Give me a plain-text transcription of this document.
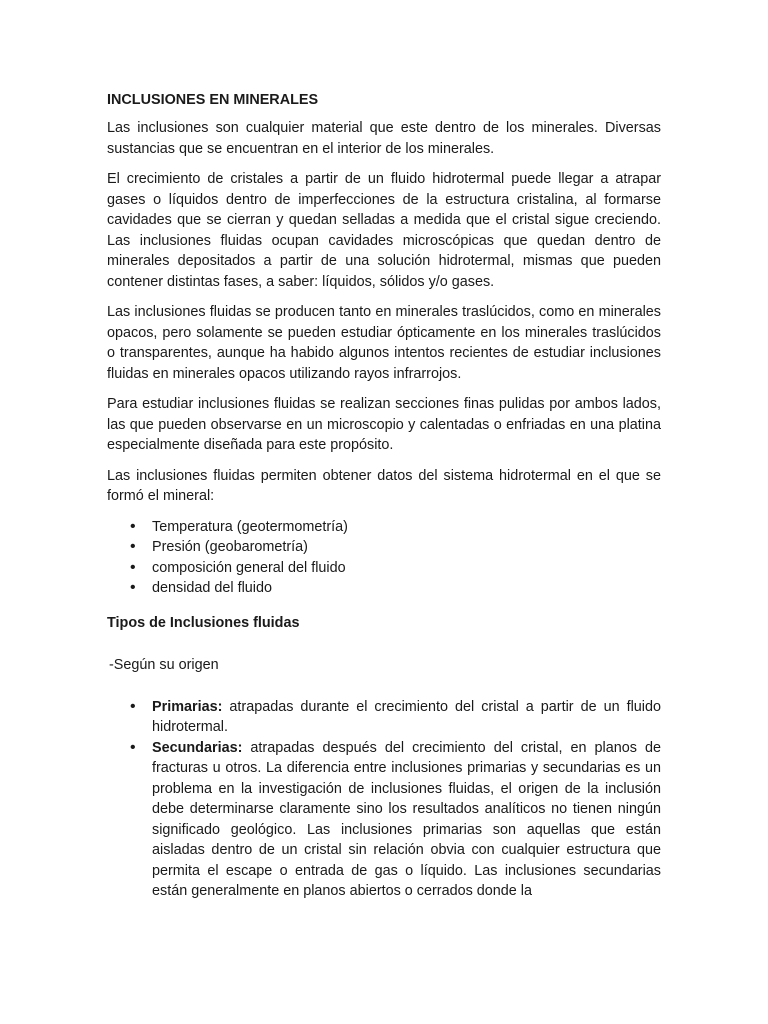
INCLUSIONES EN MINERALES

Las inclusiones son cualquier material que este dentro de los minerales. Diversas sustancias que se encuentran en el interior de los minerales.

El crecimiento de cristales a partir de un fluido hidrotermal puede llegar a atrapar gases o líquidos dentro de imperfecciones de la estructura cristalina, al formarse cavidades que se cierran y quedan selladas a medida que el cristal sigue creciendo. Las inclusiones fluidas ocupan cavidades microscópicas que quedan dentro de minerales depositados a partir de una solución hidrotermal, mismas que pueden contener distintas fases, a saber: líquidos, sólidos y/o gases.

Las inclusiones fluidas se producen tanto en minerales traslúcidos, como en minerales opacos, pero solamente se pueden estudiar ópticamente en los minerales traslúcidos o transparentes, aunque ha habido algunos intentos recientes de estudiar inclusiones fluidas en minerales opacos utilizando rayos infrarrojos.

Para estudiar inclusiones fluidas se realizan secciones finas pulidas por ambos lados, las que pueden observarse en un microscopio y calentadas o enfriadas en una platina especialmente diseñada para este propósito.

Las inclusiones fluidas permiten obtener datos del sistema hidrotermal en el que se formó el mineral:

• Temperatura (geotermometría)
• Presión (geobarometría)
• composición general del fluido
• densidad del fluido
Tipos de Inclusiones fluidas
-Según su origen
• Primarias: atrapadas durante el crecimiento del cristal a partir de un fluido hidrotermal.
• Secundarias: atrapadas después del crecimiento del cristal, en planos de fracturas u otros. La diferencia entre inclusiones primarias y secundarias es un problema en la investigación de inclusiones fluidas, el origen de la inclusión debe determinarse claramente sino los resultados analíticos no tienen ningún significado geológico. Las inclusiones primarias son aquellas que están aisladas dentro de un cristal sin relación obvia con cualquier estructura que permita el escape o entrada de gas o líquido. Las inclusiones secundarias están generalmente en planos abiertos o cerrados donde la
